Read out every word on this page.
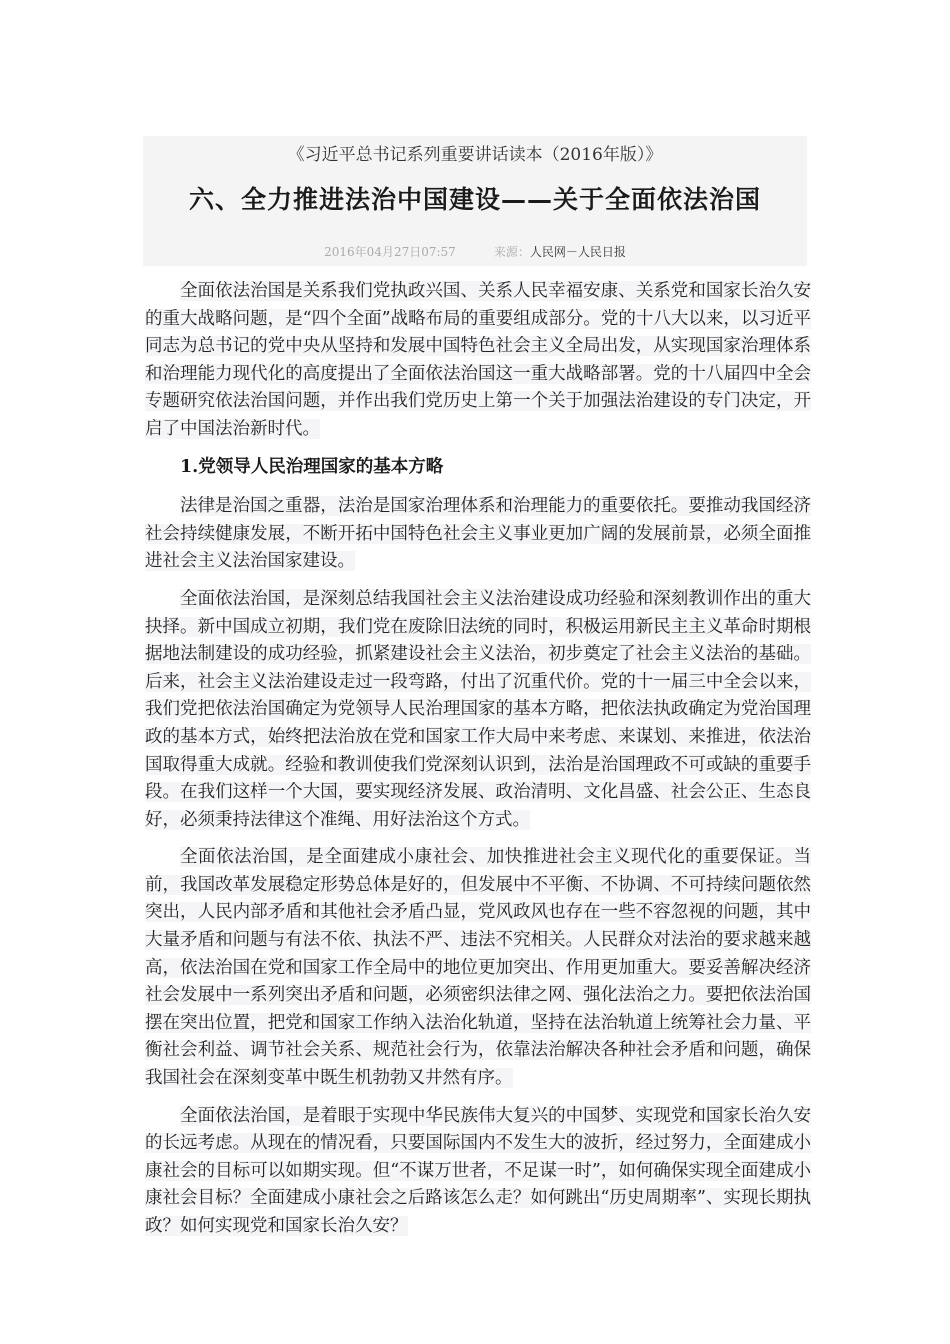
《习近平总书记系列重要讲话读本（2016年版）》
六、全力推进法治中国建设——关于全面依法治国
2016年04月27日07:57	来源：人民网－人民日报

全面依法治国是关系我们党执政兴国、关系人民幸福安康、关系党和国家长治久安的重大战略问题，是“四个全面”战略布局的重要组成部分。党的十八大以来，以习近平同志为总书记的党中央从坚持和发展中国特色社会主义全局出发，从实现国家治理体系和治理能力现代化的高度提出了全面依法治国这一重大战略部署。党的十八届四中全会专题研究依法治国问题，并作出我们党历史上第一个关于加强法治建设的专门决定，开启了中国法治新时代。

1.党领导人民治理国家的基本方略

法律是治国之重器，法治是国家治理体系和治理能力的重要依托。要推动我国经济社会持续健康发展，不断开拓中国特色社会主义事业更加广阔的发展前景，必须全面推进社会主义法治国家建设。

全面依法治国，是深刻总结我国社会主义法治建设成功经验和深刻教训作出的重大抉择。新中国成立初期，我们党在废除旧法统的同时，积极运用新民主主义革命时期根据地法制建设的成功经验，抓紧建设社会主义法治，初步奠定了社会主义法治的基础。后来，社会主义法治建设走过一段弯路，付出了沉重代价。党的十一届三中全会以来，我们党把依法治国确定为党领导人民治理国家的基本方略，把依法执政确定为党治国理政的基本方式，始终把法治放在党和国家工作大局中来考虑、来谋划、来推进，依法治国取得重大成就。经验和教训使我们党深刻认识到，法治是治国理政不可或缺的重要手段。在我们这样一个大国，要实现经济发展、政治清明、文化昌盛、社会公正、生态良好，必须秉持法律这个准绳、用好法治这个方式。

全面依法治国，是全面建成小康社会、加快推进社会主义现代化的重要保证。当前，我国改革发展稳定形势总体是好的，但发展中不平衡、不协调、不可持续问题依然突出，人民内部矛盾和其他社会矛盾凸显，党风政风也存在一些不容忽视的问题，其中大量矛盾和问题与有法不依、执法不严、违法不究相关。人民群众对法治的要求越来越高，依法治国在党和国家工作全局中的地位更加突出、作用更加重大。要妥善解决经济社会发展中一系列突出矛盾和问题，必须密织法律之网、强化法治之力。要把依法治国摆在突出位置，把党和国家工作纳入法治化轨道，坚持在法治轨道上统筹社会力量、平衡社会利益、调节社会关系、规范社会行为，依靠法治解决各种社会矛盾和问题，确保我国社会在深刻变革中既生机勃勃又井然有序。

全面依法治国，是着眼于实现中华民族伟大复兴的中国梦、实现党和国家长治久安的长远考虑。从现在的情况看，只要国际国内不发生大的波折，经过努力，全面建成小康社会的目标可以如期实现。但“不谋万世者，不足谋一时”，如何确保实现全面建成小康社会目标？全面建成小康社会之后路该怎么走？如何跳出“历史周期率”、实现长期执政？如何实现党和国家长治久安？
